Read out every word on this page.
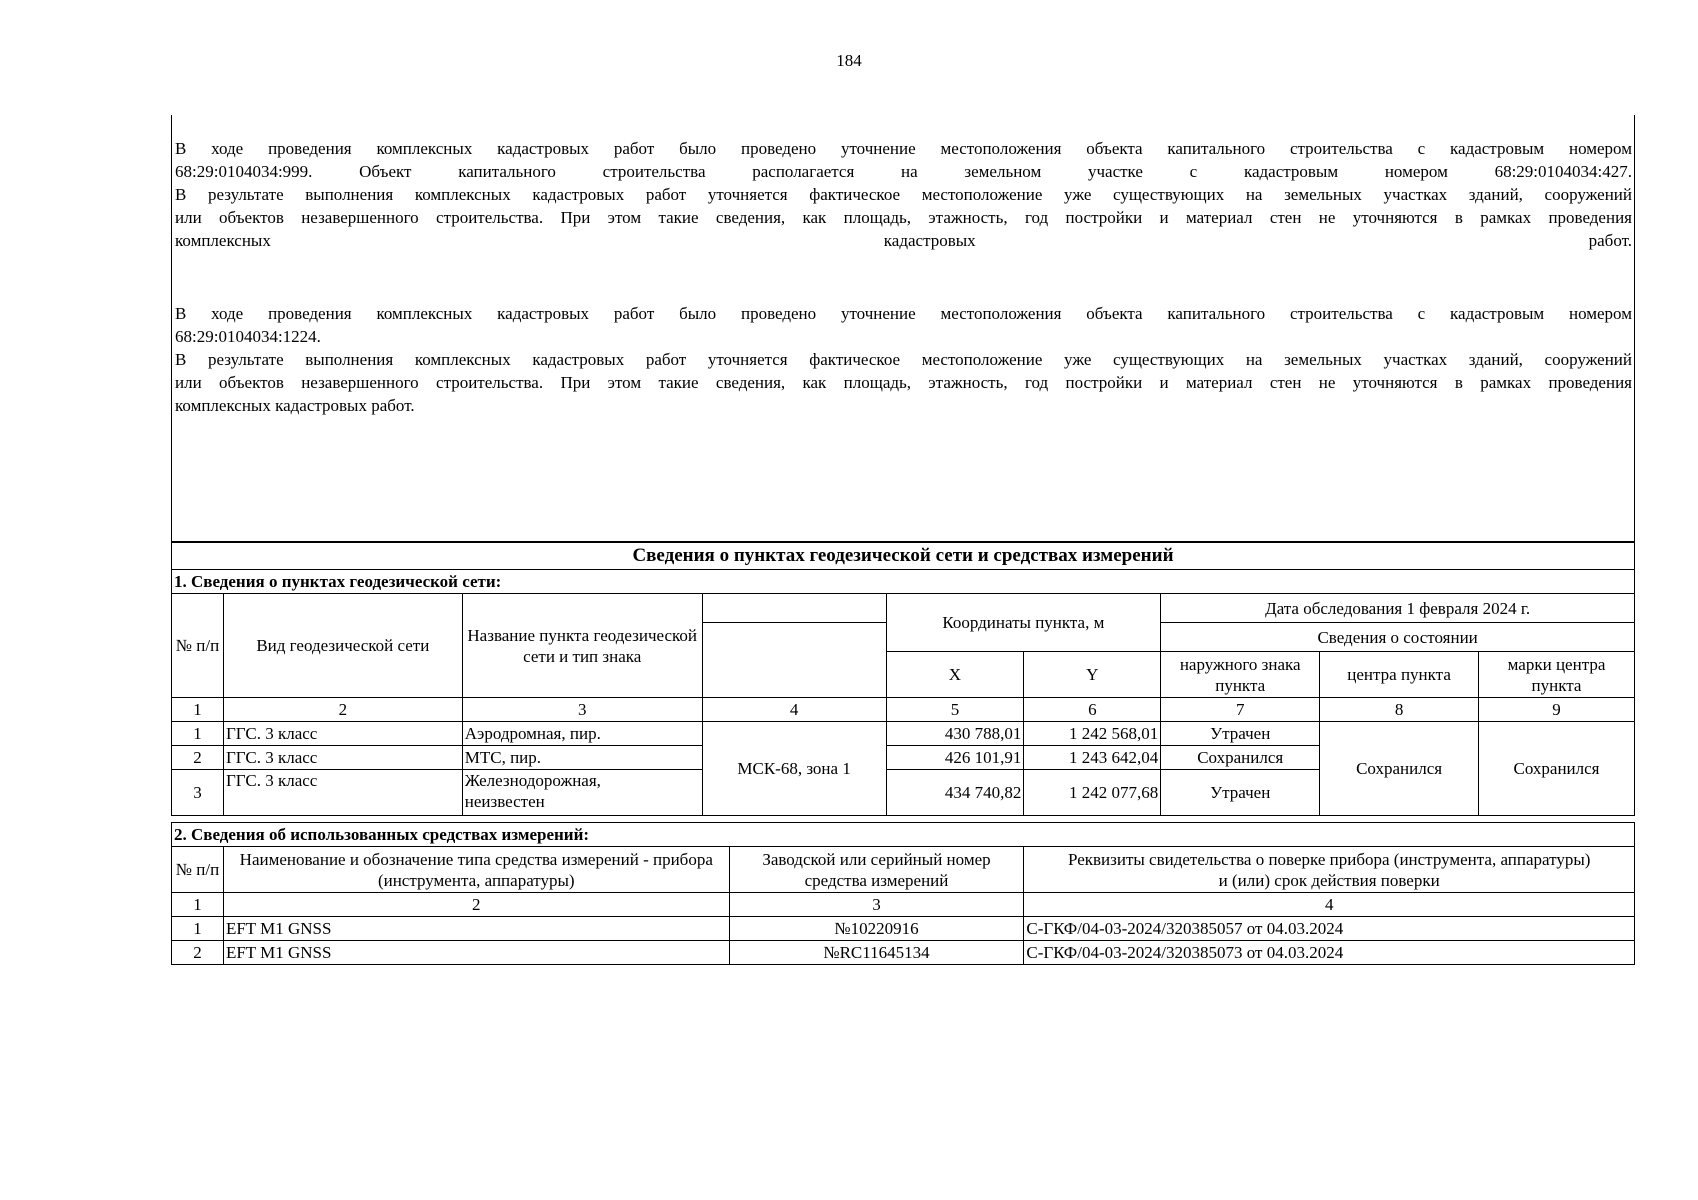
184
В ходе проведения комплексных кадастровых работ было проведено уточнение местоположения объекта капитального строительства с кадастровым номером
68:29:0104034:999. Объект капитального строительства располагается на земельном участке с кадастровым номером 68:29:0104034:427.
В результате выполнения комплексных кадастровых работ уточняется фактическое местоположение уже существующих на земельных участках зданий, сооружений
или объектов незавершенного строительства. При этом такие сведения, как площадь, этажность, год постройки и материал стен не уточняются в рамках проведения
комплексных кадастровых работ.
В ходе проведения комплексных кадастровых работ было проведено уточнение местоположения объекта капитального строительства с кадастровым номером
68:29:0104034:1224.
В результате выполнения комплексных кадастровых работ уточняется фактическое местоположение уже существующих на земельных участках зданий, сооружений
или объектов незавершенного строительства. При этом такие сведения, как площадь, этажность, год постройки и материал стен не уточняются в рамках проведения
комплексных кадастровых работ.
Сведения о пунктах геодезической сети и средствах измерений								
1. Сведения о пунктах геодезической сети:								
№ п/п	Вид геодезической сети	Название пункта геодезической сети и тип знака		Координаты пункта, м		Дата обследования 1 февраля 2024 г.		
						Сведения о состоянии		
				X	Y	наружного знака пункта	центра пункта	марки центра пункта
1	2	3	4	5	6	7	8	9
1	ГГС. 3 класс	Аэродромная, пир.	МСК-68, зона 1	430 788,01	1 242 568,01	Утрачен	Сохранился	Сохранился
2	ГГС. 3 класс	МТС, пир.		426 101,91	1 243 642,04	Сохранился		
3	ГГС. 3 класс	Железнодорожная, неизвестен		434 740,82	1 242 077,68	Утрачен		
2. Сведения об использованных средствах измерений:			
№ п/п	Наименование и обозначение типа средства измерений - прибора (инструмента, аппаратуры)	Заводской или серийный номер средства измерений	Реквизиты свидетельства о поверке прибора (инструмента, аппаратуры) и (или) срок действия поверки
1	2	3	4
1	EFT M1 GNSS	№10220916	С-ГКФ/04-03-2024/320385057 от 04.03.2024
2	EFT M1 GNSS	№RC11645134	С-ГКФ/04-03-2024/320385073 от 04.03.2024
